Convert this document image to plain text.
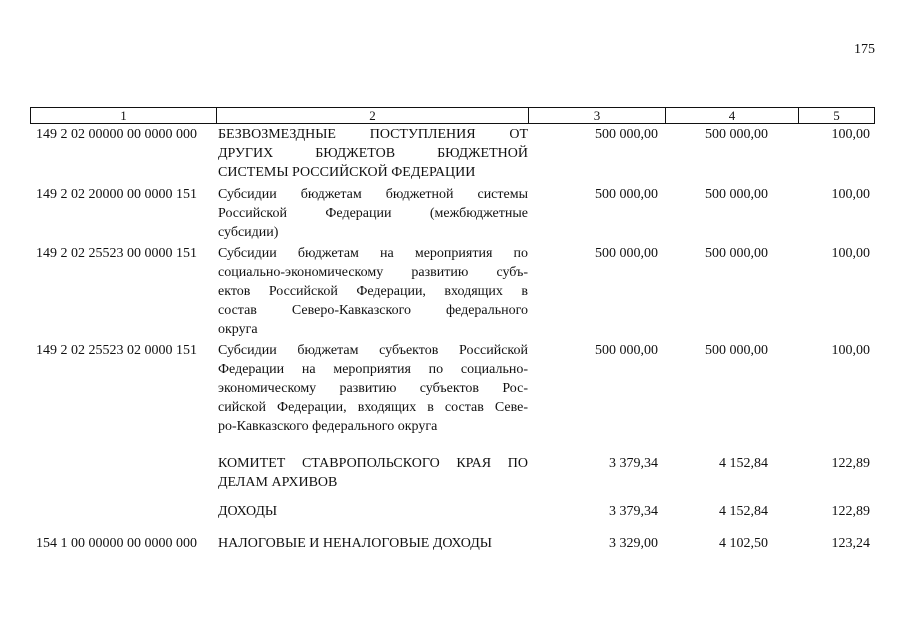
175
1	2	3	4	5
149 2 02 00000 00 0000 000 БЕЗВОЗМЕЗДНЫЕ ПОСТУПЛЕНИЯ ОТ
ДРУГИХ БЮДЖЕТОВ БЮДЖЕТНОЙ
СИСТЕМЫ РОССИЙСКОЙ ФЕДЕРАЦИИ
500 000,00	500 000,00	100,00
149 2 02 20000 00 0000 151 Субсидии бюджетам бюджетной системы
Российской Федерации (межбюджетные
субсидии)
500 000,00	500 000,00	100,00
149 2 02 25523 00 0000 151 Субсидии бюджетам на мероприятия по
социально-экономическому развитию субъ-
ектов Российской Федерации, входящих в
состав Северо-Кавказского федерального
округа
500 000,00	500 000,00	100,00
149 2 02 25523 02 0000 151 Субсидии бюджетам субъектов Российской
Федерации на мероприятия по социально-
экономическому развитию субъектов Рос-
сийской Федерации, входящих в состав Севе-
ро-Кавказского федерального округа
500 000,00	500 000,00	100,00
КОМИТЕТ СТАВРОПОЛЬСКОГО КРАЯ ПО
ДЕЛАМ АРХИВОВ
3 379,34	4 152,84	122,89
ДОХОДЫ	3 379,34	4 152,84	122,89
154 1 00 00000 00 0000 000 НАЛОГОВЫЕ И НЕНАЛОГОВЫЕ ДОХОДЫ	3 329,00	4 102,50	123,24
